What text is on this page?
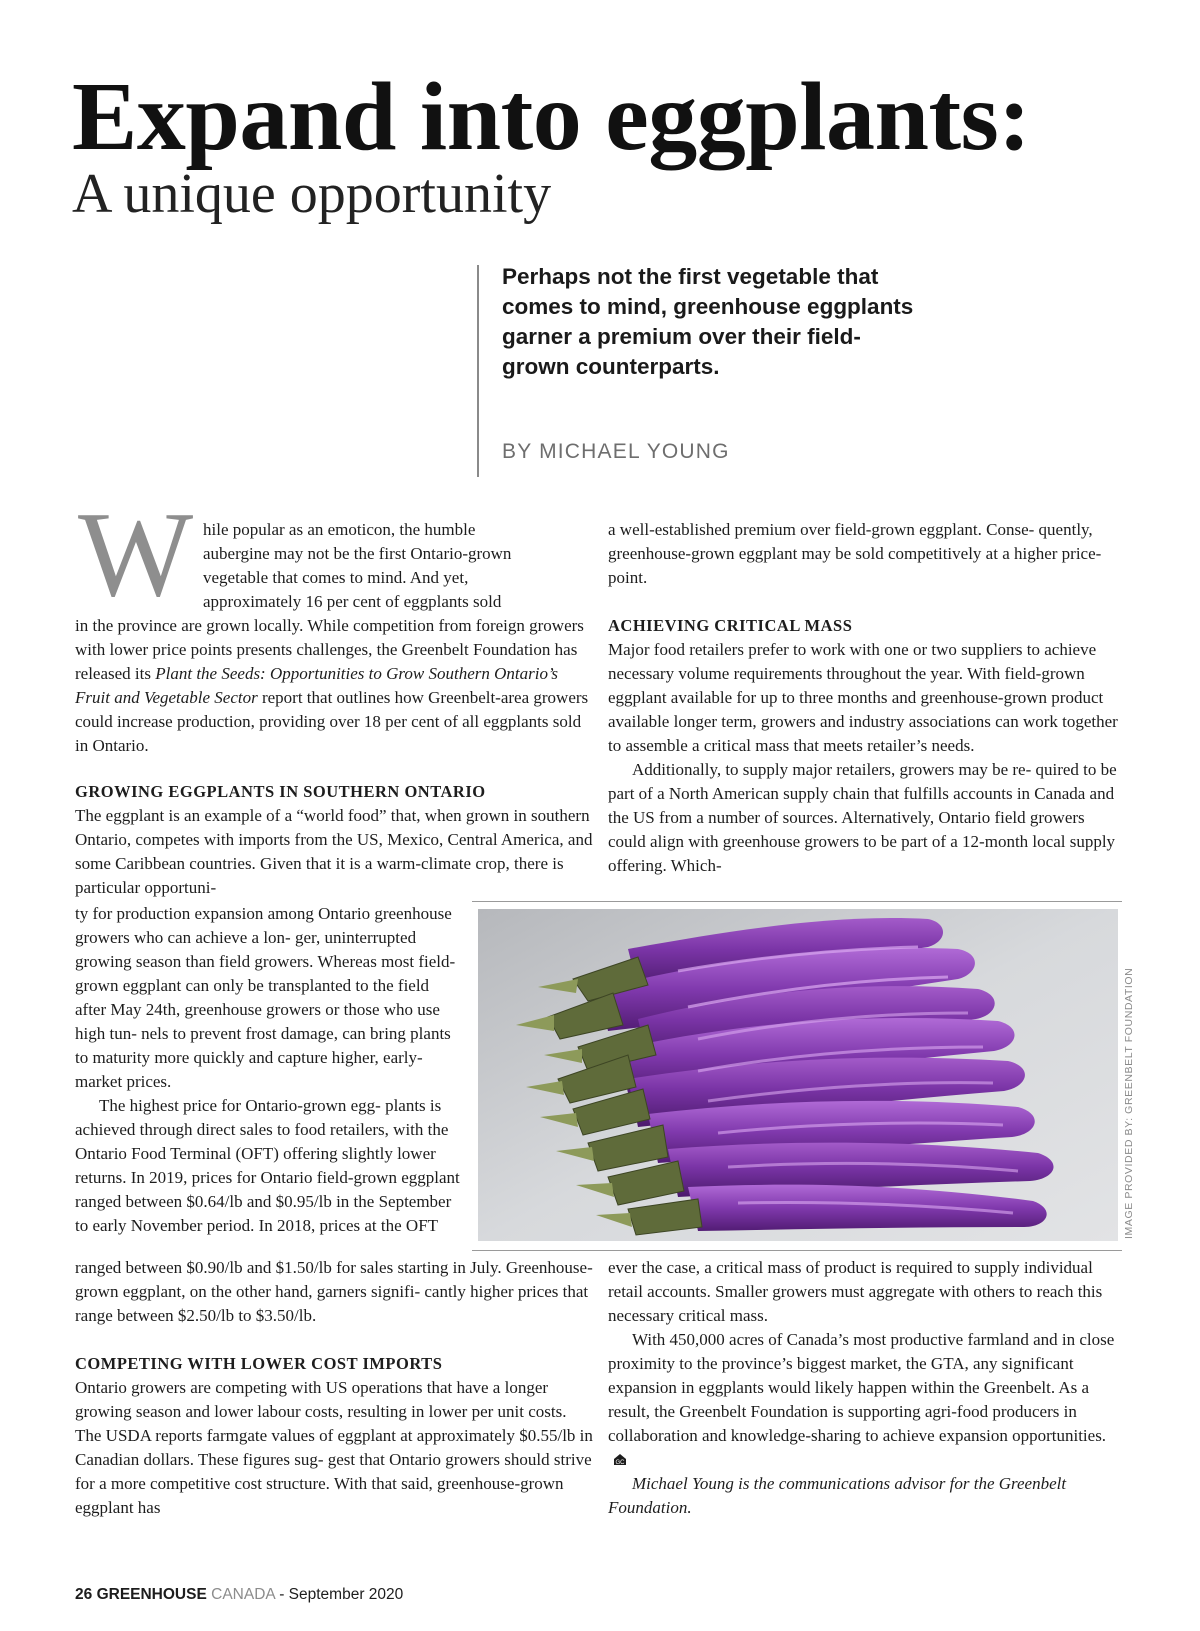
Expand into eggplants:
A unique opportunity

Perhaps not the first vegetable that comes to mind, greenhouse eggplants garner a premium over their field-grown counterparts.

BY MICHAEL YOUNG
W hile popular as an emoticon, the humble
aubergine may not be the first Ontario-grown
vegetable that comes to mind. And yet,
approximately 16 per cent of eggplants sold

in the province are grown locally. While competition from foreign growers with lower price points presents challenges, the Greenbelt Foundation has released its Plant the Seeds: Opportunities to Grow Southern Ontario’s Fruit and Vegetable Sector report that outlines how Greenbelt-area growers could increase production, providing over 18 per cent of all eggplants sold in Ontario.

GROWING EGGPLANTS IN SOUTHERN ONTARIO

The eggplant is an example of a “world food” that, when grown in southern Ontario, competes with imports from the US, Mexico, Central America, and some Caribbean countries. Given that it is a warm-climate crop, there is particular opportuni-

ty for production expansion among Ontario greenhouse growers who can achieve a lon- ger, uninterrupted growing season than field growers. Whereas most field-grown eggplant can only be transplanted to the field after May 24th, greenhouse growers or those who use high tun- nels to prevent frost damage, can bring plants to maturity more quickly and capture higher, early-market prices.

The highest price for Ontario-grown egg- plants is achieved through direct sales to food retailers, with the Ontario Food Terminal (OFT) offering slightly lower returns. In 2019, prices for Ontario field-grown eggplant ranged between $0.64/lb and $0.95/lb in the September to early November period. In 2018, prices at the OFT

ranged between $0.90/lb and $1.50/lb for sales starting in July. Greenhouse-grown eggplant, on the other hand, garners signifi- cantly higher prices that range between $2.50/lb to $3.50/lb.

COMPETING WITH LOWER COST IMPORTS

Ontario growers are competing with US operations that have a longer growing season and lower labour costs, resulting in lower per unit costs. The USDA reports farmgate values of eggplant at approximately $0.55/lb in Canadian dollars. These figures sug- gest that Ontario growers should strive for a more competitive cost structure. With that said, greenhouse-grown eggplant has

a well-established premium over field-grown eggplant. Conse- quently, greenhouse-grown eggplant may be sold competitively at a higher price-point.

ACHIEVING CRITICAL MASS

Major food retailers prefer to work with one or two suppliers to achieve necessary volume requirements throughout the year. With field-grown eggplant available for up to three months and greenhouse-grown product available longer term, growers and industry associations can work together to assemble a critical mass that meets retailer’s needs.

Additionally, to supply major retailers, growers may be re- quired to be part of a North American supply chain that fulfills accounts in Canada and the US from a number of sources. Alternatively, Ontario field growers could align with greenhouse growers to be part of a 12-month local supply offering. Which-

IMAGE PROVIDED BY: GREENBELT FOUNDATION

ever the case, a critical mass of product is required to supply individual retail accounts. Smaller growers must aggregate with others to reach this necessary critical mass.

With 450,000 acres of Canada’s most productive farmland and in close proximity to the province’s biggest market, the GTA, any significant expansion in eggplants would likely happen within the Greenbelt. As a result, the Greenbelt Foundation is supporting agri-food producers in collaboration and knowledge-sharing to achieve expansion opportunities.
GC

Michael Young is the communications advisor for the Greenbelt Foundation.

26 GREENHOUSE CANADA - September 2020
